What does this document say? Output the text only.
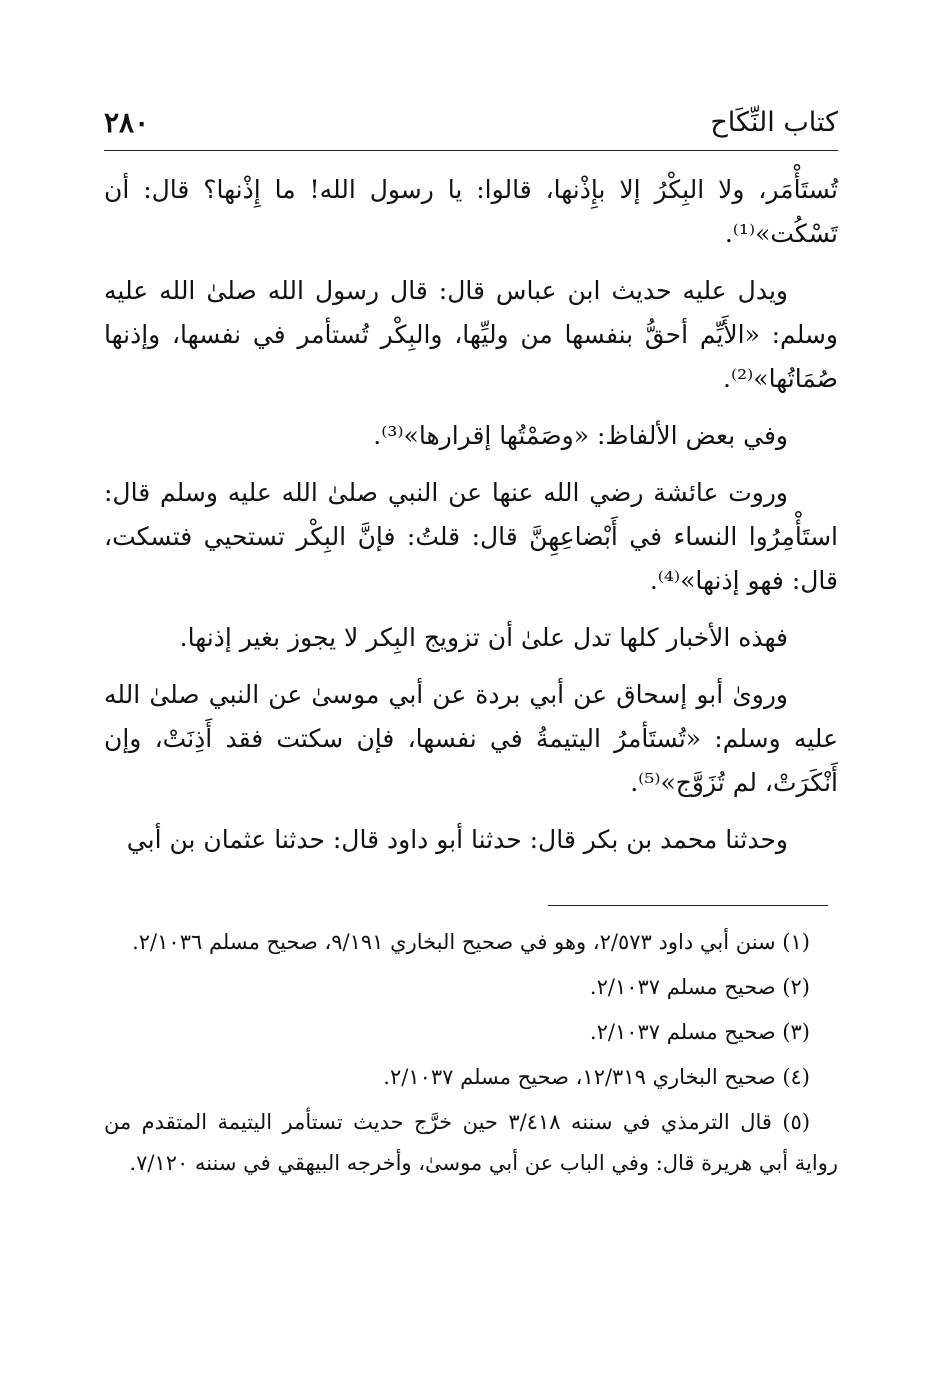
كتاب النِّكَاح
٢٨٠

تُستَأْمَر، ولا البِكْرُ إلا بإِذْنها، قالوا: يا رسول الله! ما إِذْنها؟ قال: أن تَسْكُت»⁽¹⁾.

ويدل عليه حديث ابن عباس قال: قال رسول الله صلىٰ الله عليه وسلم: «الأَيِّم أحقُّ بنفسها من وليِّها، والبِكْر تُستأمر في نفسها، وإذنها صُمَاتُها»⁽²⁾.

وفي بعض الألفاظ: «وصَمْتُها إقرارها»⁽³⁾.

وروت عائشة رضي الله عنها عن النبي صلىٰ الله عليه وسلم قال: استَأْمِرُوا النساء في أَبْضاعِهِنَّ قال: قلتُ: فإنَّ البِكْر تستحيي فتسكت، قال: فهو إذنها»⁽⁴⁾.

فهذه الأخبار كلها تدل علىٰ أن تزويج البِكر لا يجوز بغير إذنها.

ورویٰ أبو إسحاق عن أبي بردة عن أبي موسىٰ عن النبي صلىٰ الله عليه وسلم: «تُستَأمرُ اليتيمةُ في نفسها، فإن سكتت فقد أَذِنَتْ، وإن أَنْكَرَتْ، لم تُزَوَّج»⁽⁵⁾.

وحدثنا محمد بن بكر قال: حدثنا أبو داود قال: حدثنا عثمان بن أبي

(١) سنن أبي داود ٢/٥٧٣، وهو في صحيح البخاري ٩/١٩١، صحيح مسلم ٢/١٠٣٦.

(٢) صحيح مسلم ٢/١٠٣٧.

(٣) صحيح مسلم ٢/١٠٣٧.

(٤) صحيح البخاري ١٢/٣١٩، صحيح مسلم ٢/١٠٣٧.

(٥) قال الترمذي في سننه ٣/٤١٨ حين خرَّج حديث تستأمر اليتيمة المتقدم من رواية أبي هريرة قال: وفي الباب عن أبي موسىٰ، وأخرجه البيهقي في سننه ٧/١٢٠.
